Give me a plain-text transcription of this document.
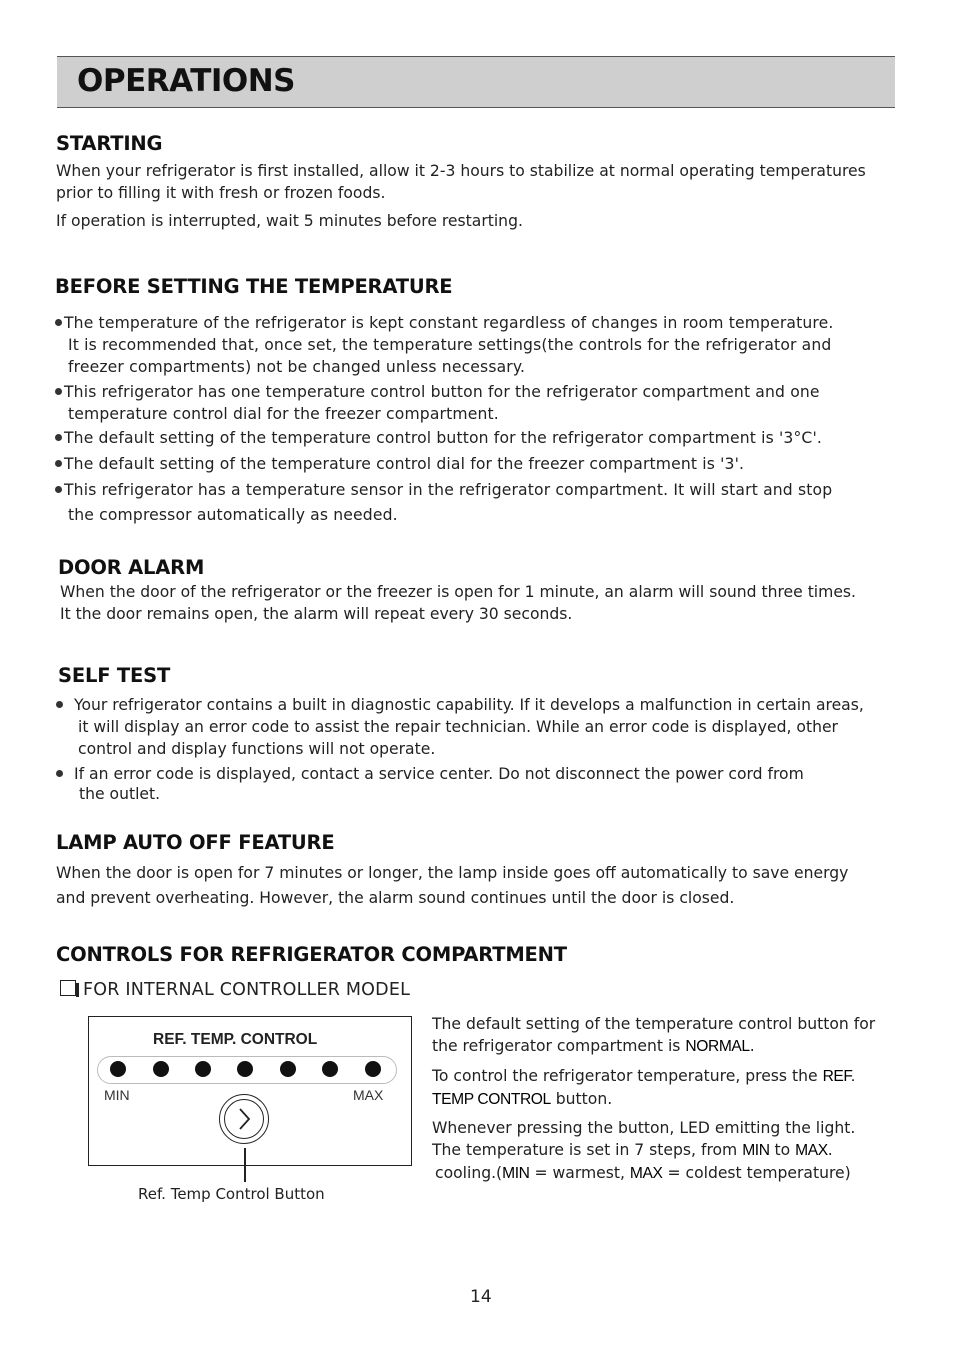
OPERATIONS
STARTING
When your refrigerator is first installed, allow it 2-3 hours to stabilize at normal operating temperatures
prior to filling it with fresh or frozen foods.
If operation is interrupted, wait 5 minutes before restarting.
BEFORE SETTING THE TEMPERATURE
The temperature of the refrigerator is kept constant regardless of changes in room temperature.
It is recommended that, once set, the temperature settings(the controls for the refrigerator and
freezer compartments) not be changed unless necessary.
This refrigerator has one temperature control button for the refrigerator compartment and one
temperature control dial for the freezer compartment.
The default setting of the temperature control button for the refrigerator compartment is '3°C'.
The default setting of the temperature control dial for the freezer compartment is '3'.
This refrigerator has a temperature sensor in the refrigerator compartment. It will start and stop
the compressor automatically as needed.
DOOR ALARM
When the door of the refrigerator or the freezer is open for 1 minute, an alarm will sound three times.
It the door remains open, the alarm will repeat every 30 seconds.
SELF TEST
Your refrigerator contains a built in diagnostic capability. If it develops a malfunction in certain areas,
it will display an error code to assist the repair technician. While an error code is displayed, other
control and display functions will not operate.
If an error code is displayed, contact a service center. Do not disconnect the power cord from
the outlet.
LAMP AUTO OFF FEATURE
When the door is open for 7 minutes or longer, the lamp inside goes off automatically to save energy
and prevent overheating. However, the alarm sound continues until the door is closed.
CONTROLS FOR REFRIGERATOR COMPARTMENT
FOR INTERNAL CONTROLLER MODEL
REF. TEMP. CONTROL
MIN	MAX
Ref. Temp Control Button
The default setting of the temperature control button for
the refrigerator compartment is NORMAL.
To control the refrigerator temperature, press the REF.
TEMP CONTROL button.
Whenever pressing the button, LED emitting the light.
The temperature is set in 7 steps, from MIN to MAX.
cooling.(MIN = warmest, MAX = coldest temperature)
14
